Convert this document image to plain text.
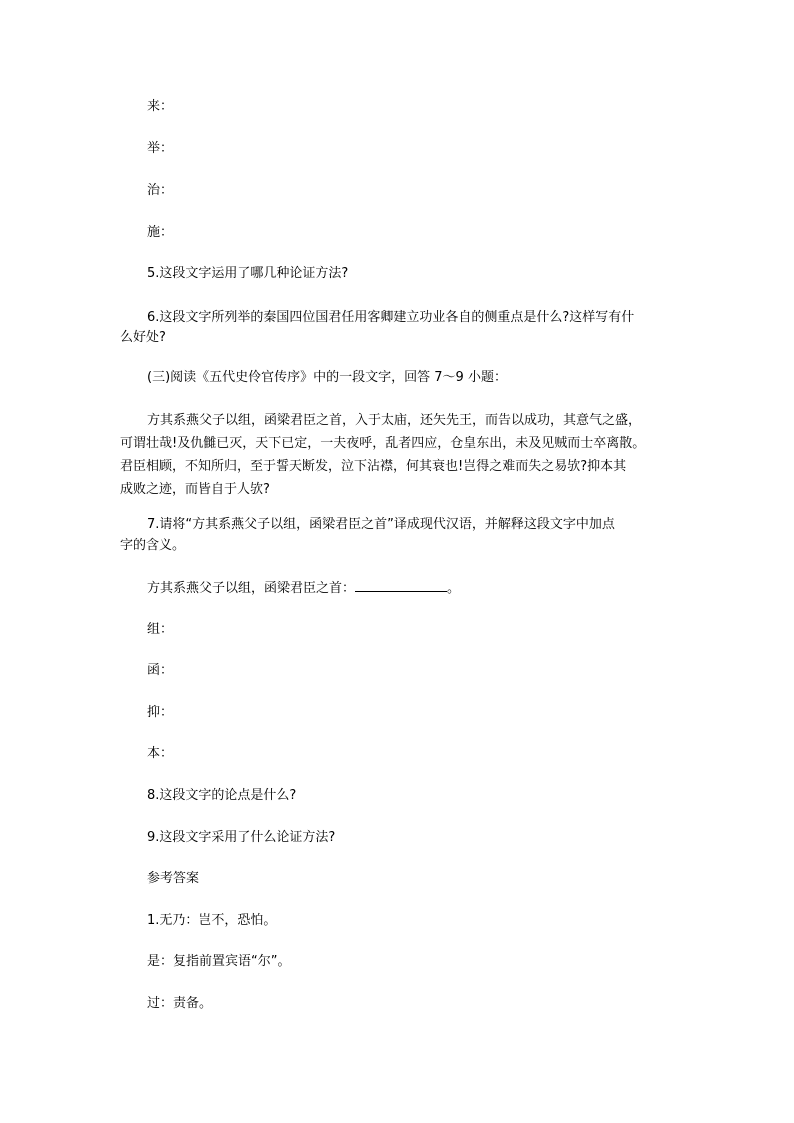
来：
举：
治：
施：
5.这段文字运用了哪几种论证方法?
6.这段文字所列举的秦国四位国君任用客卿建立功业各自的侧重点是什么?这样写有什
么好处?
(三)阅读《五代史伶官传序》中的一段文字，回答 7～9 小题：
方其系燕父子以组，函梁君臣之首，入于太庙，还矢先王，而告以成功，其意气之盛，
可谓壮哉!及仇雠已灭，天下已定，一夫夜呼，乱者四应，仓皇东出，未及见贼而士卒离散。
君臣相顾，不知所归，至于誓天断发，泣下沾襟，何其衰也!岂得之难而失之易欤?抑本其
成败之迹，而皆自于人欤?
7.请将“方其系燕父子以组，函梁君臣之首”译成现代汉语，并解释这段文字中加点
字的含义。
方其系燕父子以组，函梁君臣之首：	。
组：
函：
抑：
本：
8.这段文字的论点是什么?
9.这段文字采用了什么论证方法?
参考答案
1.无乃：岂不，恐怕。
是：复指前置宾语“尔”。
过：责备。
